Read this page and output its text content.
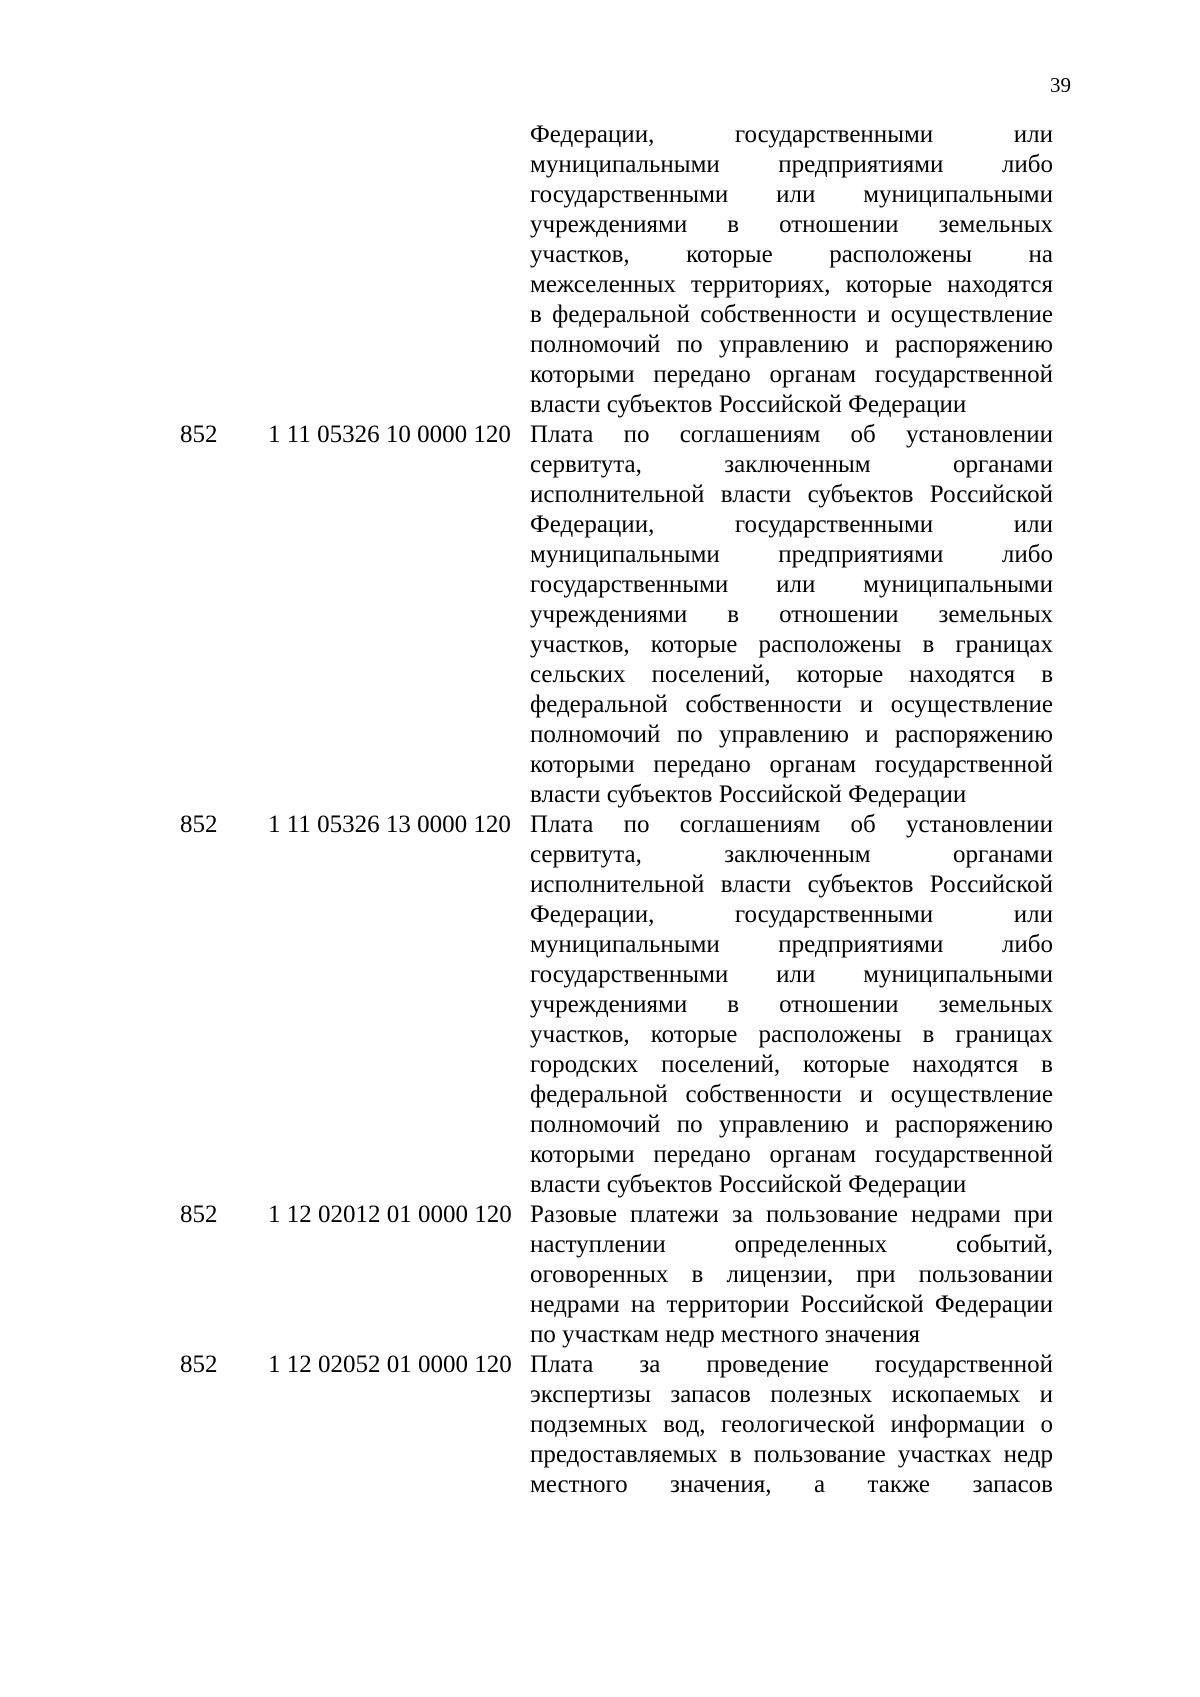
39
Федерации, государственными или
муниципальными предприятиями либо
государственными или муниципальными
учреждениями в отношении земельных
участков, которые расположены на
межселенных территориях, которые находятся
в федеральной собственности и осуществление
полномочий по управлению и распоряжению
которыми передано органам государственной
власти субъектов Российской Федерации
852 1 11 05326 10 0000 120 Плата по соглашениям об установлении
сервитута, заключенным органами
исполнительной власти субъектов Российской
Федерации, государственными или
муниципальными предприятиями либо
государственными или муниципальными
учреждениями в отношении земельных
участков, которые расположены в границах
сельских поселений, которые находятся в
федеральной собственности и осуществление
полномочий по управлению и распоряжению
которыми передано органам государственной
власти субъектов Российской Федерации
852 1 11 05326 13 0000 120 Плата по соглашениям об установлении
сервитута, заключенным органами
исполнительной власти субъектов Российской
Федерации, государственными или
муниципальными предприятиями либо
государственными или муниципальными
учреждениями в отношении земельных
участков, которые расположены в границах
городских поселений, которые находятся в
федеральной собственности и осуществление
полномочий по управлению и распоряжению
которыми передано органам государственной
власти субъектов Российской Федерации
852 1 12 02012 01 0000 120 Разовые платежи за пользование недрами при
наступлении определенных событий,
оговоренных в лицензии, при пользовании
недрами на территории Российской Федерации
по участкам недр местного значения
852 1 12 02052 01 0000 120 Плата за проведение государственной
экспертизы запасов полезных ископаемых и
подземных вод, геологической информации о
предоставляемых в пользование участках недр
местного значения, а также запасов
